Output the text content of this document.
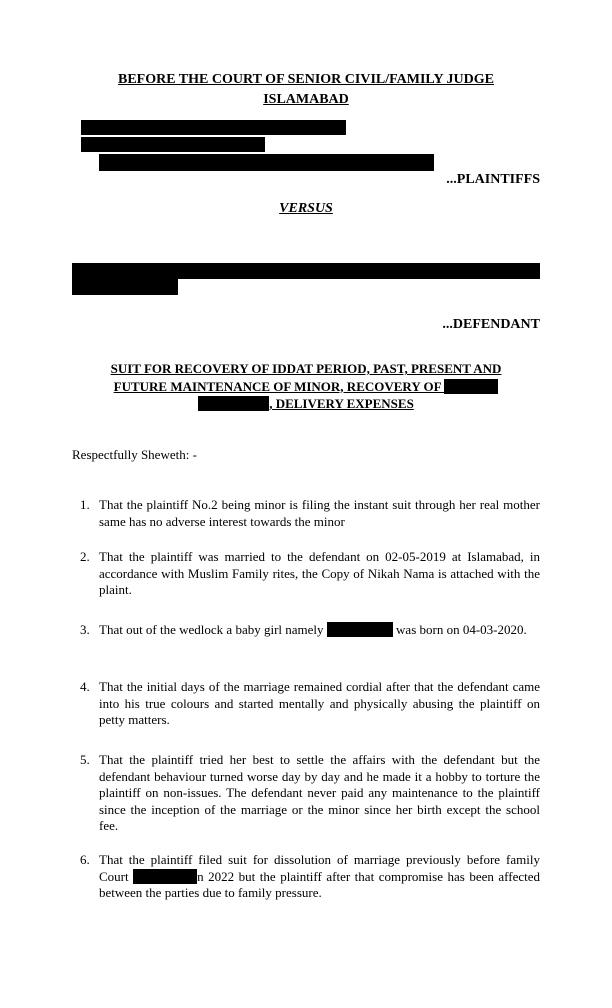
BEFORE THE COURT OF SENIOR CIVIL/FAMILY JUDGE
ISLAMABAD
...PLAINTIFFS
VERSUS
...DEFENDANT
SUIT FOR RECOVERY OF IDDAT PERIOD, PAST, PRESENT AND
FUTURE MAINTENANCE OF MINOR, RECOVERY OF
, DELIVERY EXPENSES
Respectfully Sheweth: -
1. That the plaintiff No.2 being minor is filing the instant suit through her real mother same has no adverse interest towards the minor
2. That the plaintiff was married to the defendant on 02-05-2019 at Islamabad, in accordance with Muslim Family rites, the Copy of Nikah Nama is attached with the plaint.
3. That out of the wedlock a baby girl namely	was born on 04-03-2020.
4. That the initial days of the marriage remained cordial after that the defendant came into his true colours and started mentally and physically abusing the plaintiff on petty matters.
5. That the plaintiff tried her best to settle the affairs with the defendant but the defendant behaviour turned worse day by day and he made it a hobby to torture the plaintiff on non-issues. The defendant never paid any maintenance to the plaintiff since the inception of the marriage or the minor since her birth except the school fee.
6. That the plaintiff filed suit for dissolution of marriage previously before family Court	n 2022 but the plaintiff after that compromise has been affected between the parties due to family pressure.
